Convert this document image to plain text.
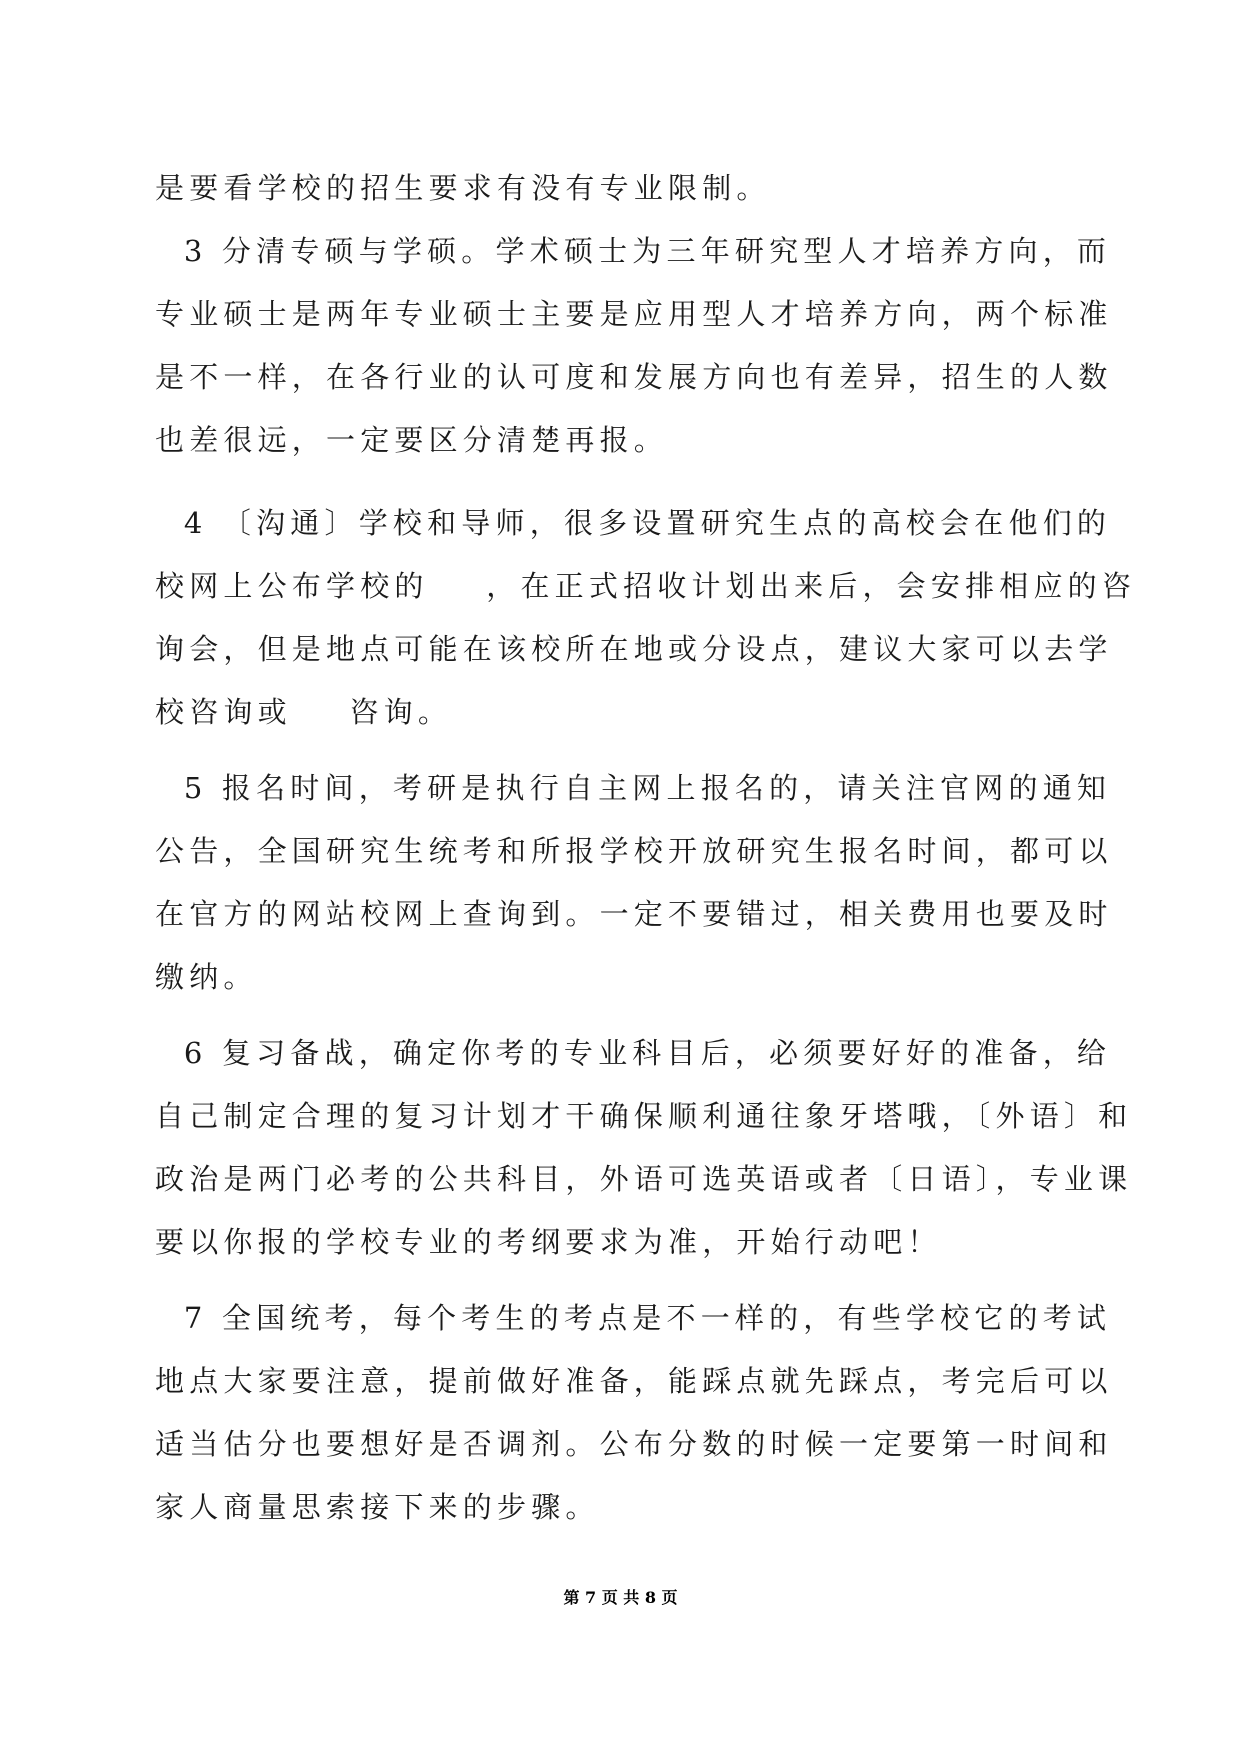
是要看学校的招生要求有没有专业限制。
3 分清专硕与学硕。学术硕士为三年研究型人才培养方向，而
专业硕士是两年专业硕士主要是应用型人才培养方向，两个标准
是不一样，在各行业的认可度和发展方向也有差异，招生的人数
也差很远，一定要区分清楚再报。
4 〔沟通〕学校和导师，很多设置研究生点的高校会在他们的
校网上公布学校的    ，在正式招收计划出来后，会安排相应的咨
询会，但是地点可能在该校所在地或分设点，建议大家可以去学
校咨询或    咨询。
5 报名时间，考研是执行自主网上报名的，请关注官网的通知
公告，全国研究生统考和所报学校开放研究生报名时间，都可以
在官方的网站校网上查询到。一定不要错过，相关费用也要及时
缴纳。
6 复习备战，确定你考的专业科目后，必须要好好的准备，给
自己制定合理的复习计划才干确保顺利通往象牙塔哦，〔外语〕和
政治是两门必考的公共科目，外语可选英语或者〔日语〕，专业课
要以你报的学校专业的考纲要求为准，开始行动吧！
7 全国统考，每个考生的考点是不一样的，有些学校它的考试
地点大家要注意，提前做好准备，能踩点就先踩点，考完后可以
适当估分也要想好是否调剂。公布分数的时候一定要第一时间和
家人商量思索接下来的步骤。
第 7 页 共 8 页
